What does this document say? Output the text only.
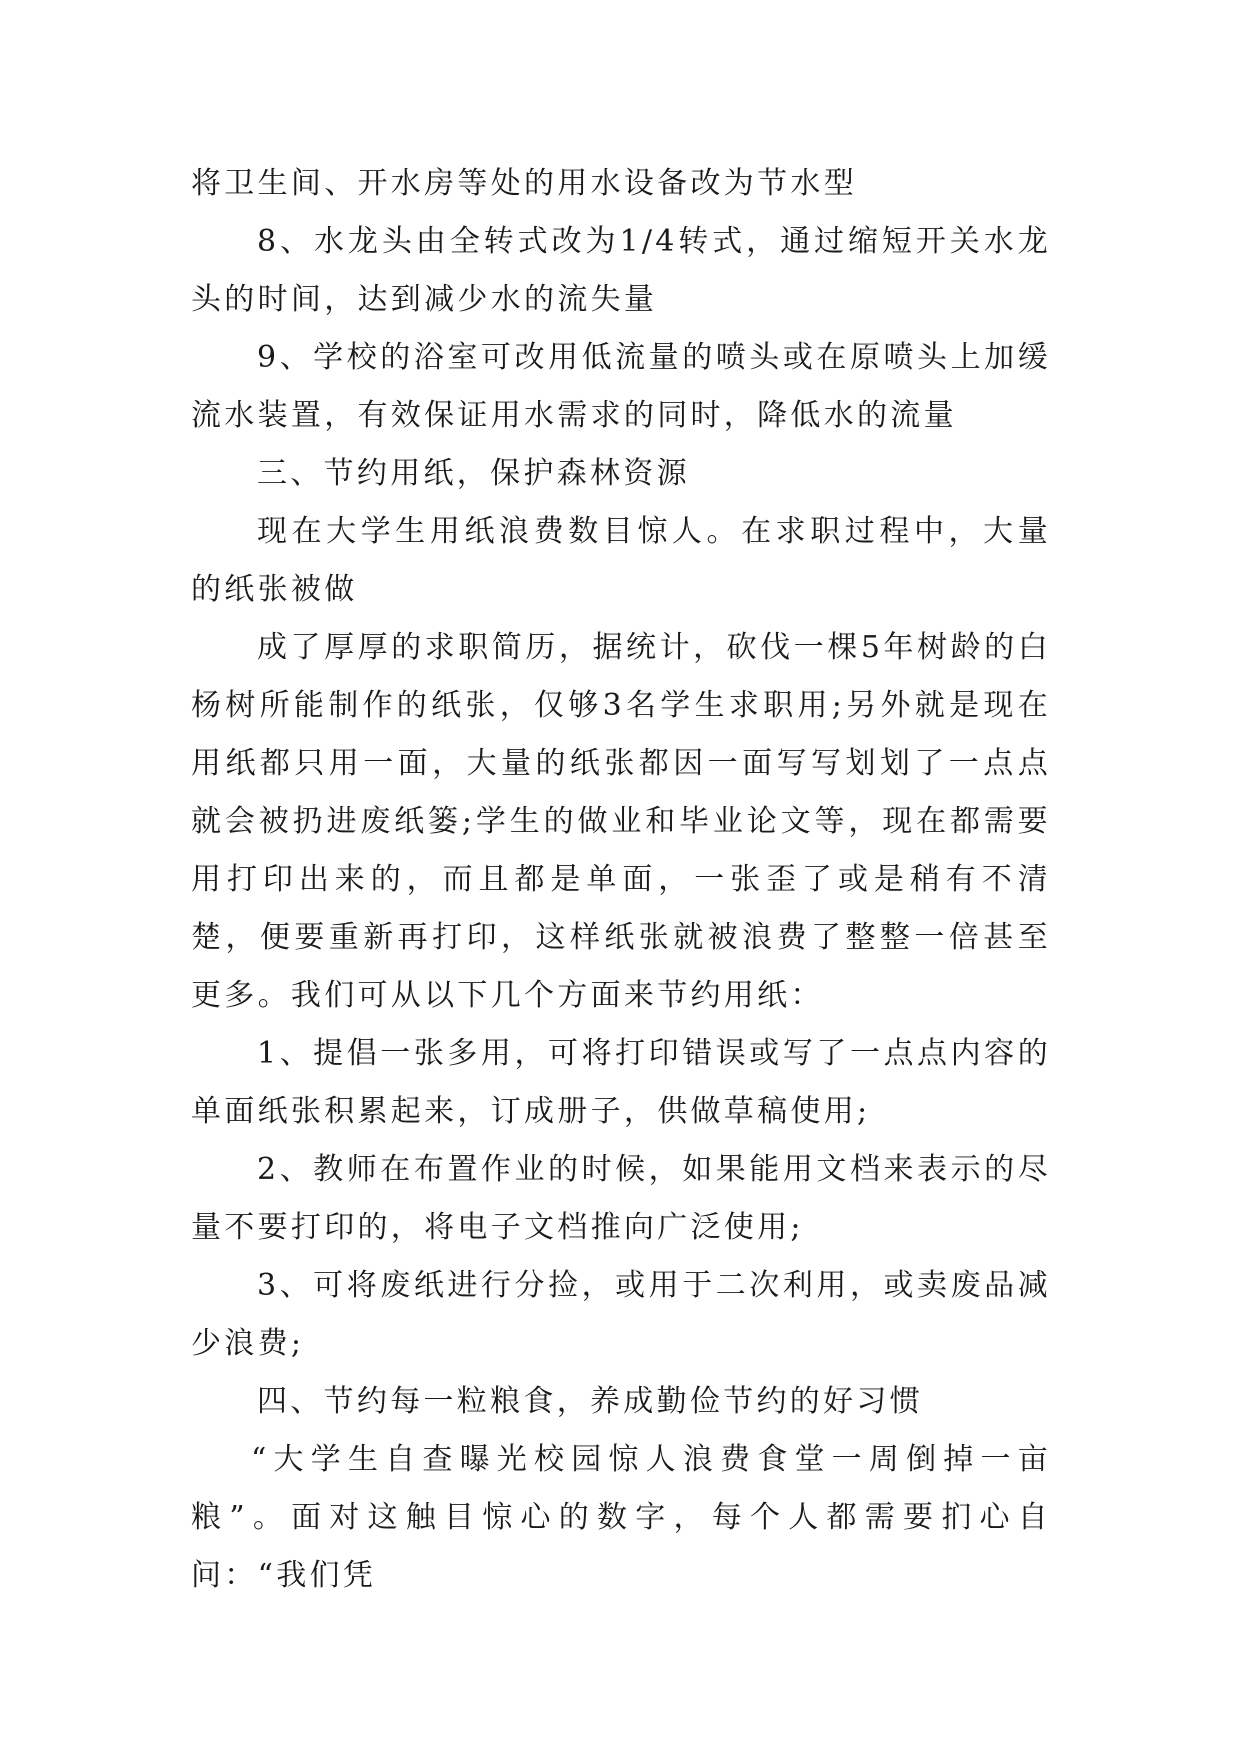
将卫生间、开水房等处的用水设备改为节水型

8、水龙头由全转式改为1/4转式，通过缩短开关水龙头的时间，达到减少水的流失量

9、学校的浴室可改用低流量的喷头或在原喷头上加缓流水装置，有效保证用水需求的同时，降低水的流量

三、节约用纸，保护森林资源

现在大学生用纸浪费数目惊人。在求职过程中，大量的纸张被做

成了厚厚的求职简历，据统计，砍伐一棵5年树龄的白杨树所能制作的纸张，仅够3名学生求职用;另外就是现在用纸都只用一面，大量的纸张都因一面写写划划了一点点就会被扔进废纸篓;学生的做业和毕业论文等，现在都需要用打印出来的，而且都是单面，一张歪了或是稍有不清楚，便要重新再打印，这样纸张就被浪费了整整一倍甚至更多。我们可从以下几个方面来节约用纸：

1、提倡一张多用，可将打印错误或写了一点点内容的单面纸张积累起来，订成册子，供做草稿使用;

2、教师在布置作业的时候，如果能用文档来表示的尽量不要打印的，将电子文档推向广泛使用;

3、可将废纸进行分捡，或用于二次利用，或卖废品减少浪费;

四、节约每一粒粮食，养成勤俭节约的好习惯

“大学生自查曝光校园惊人浪费食堂一周倒掉一亩粮”。面对这触目惊心的数字，每个人都需要扪心自问：“我们凭
